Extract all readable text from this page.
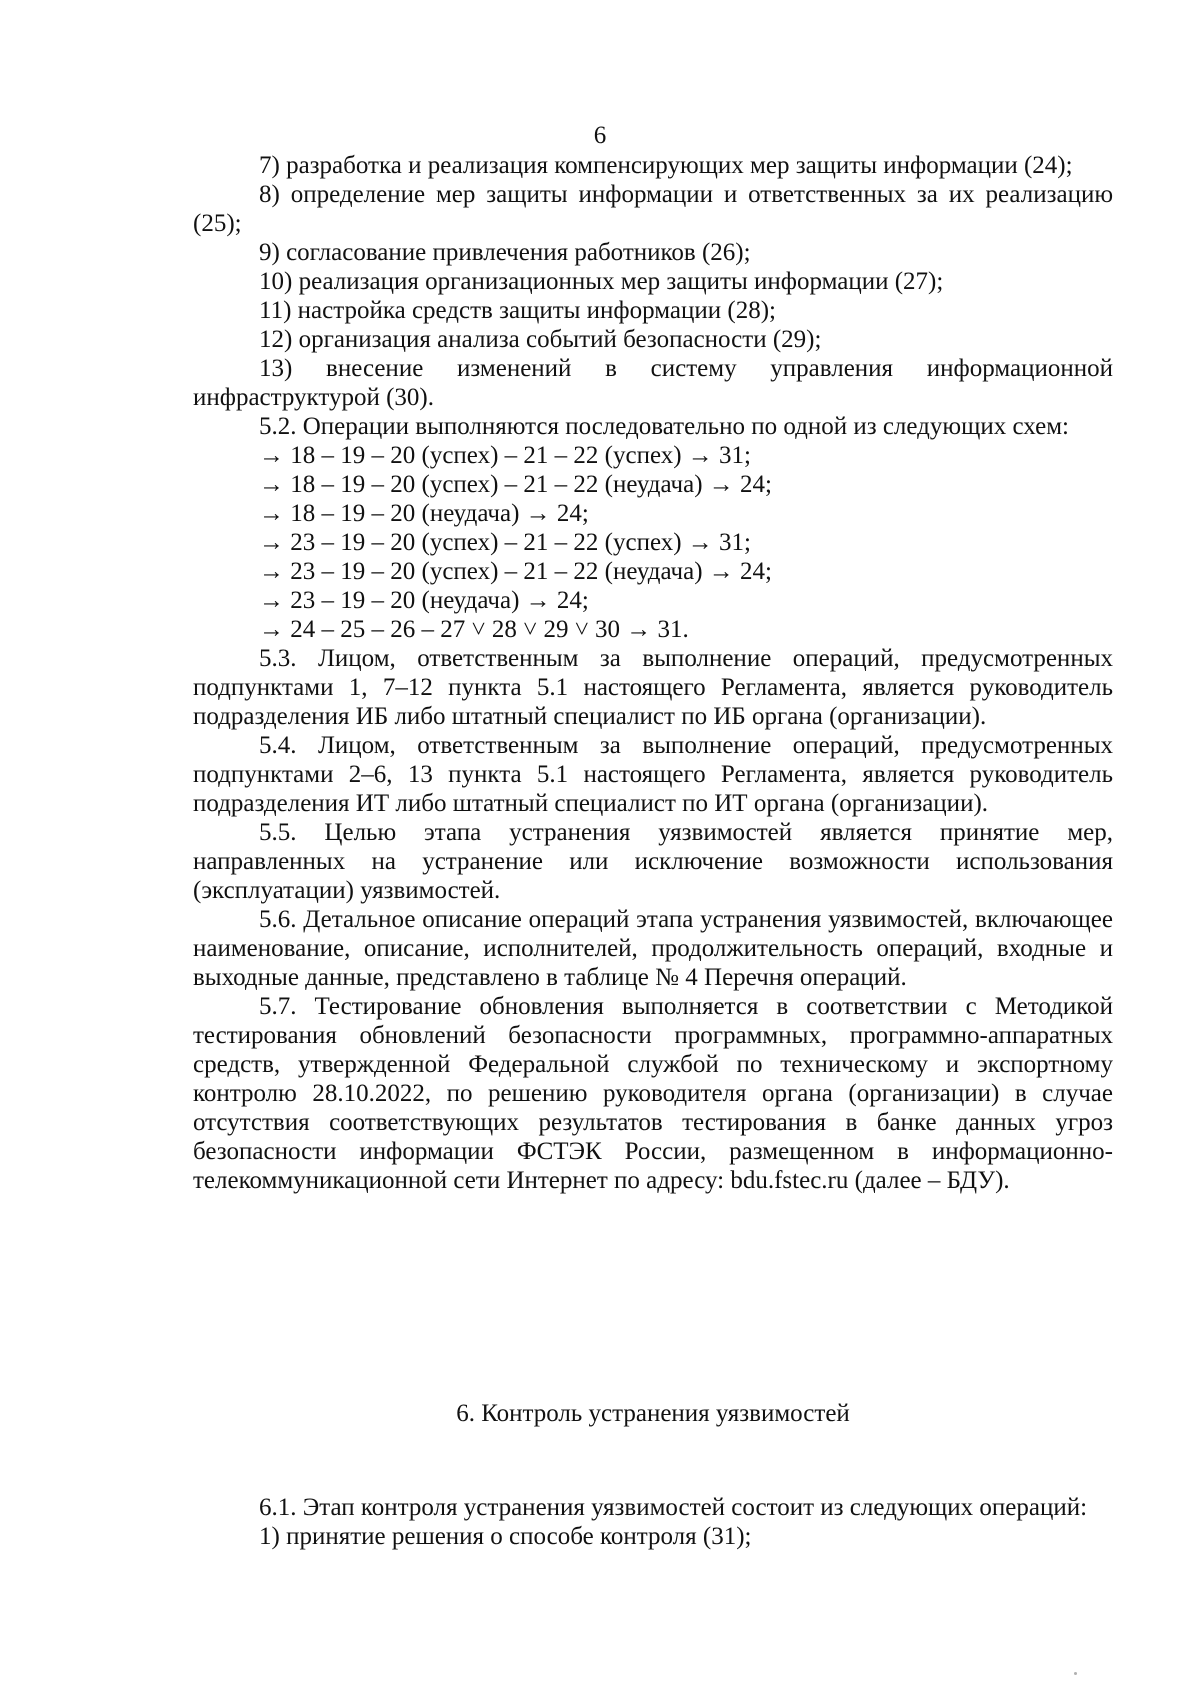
6

7) разработка и реализация компенсирующих мер защиты информации (24);

8) определение мер защиты информации и ответственных за их реализацию (25);

9) согласование привлечения работников (26);

10) реализация организационных мер защиты информации (27);

11) настройка средств защиты информации (28);

12) организация анализа событий безопасности (29);

13) внесение изменений в систему управления информационной инфраструктурой (30).

5.2. Операции выполняются последовательно по одной из следующих схем:

→ 18 – 19 – 20 (успех) – 21 – 22 (успех) → 31;

→ 18 – 19 – 20 (успех) – 21 – 22 (неудача) → 24;

→ 18 – 19 – 20 (неудача) → 24;

→ 23 – 19 – 20 (успех) – 21 – 22 (успех) → 31;

→ 23 – 19 – 20 (успех) – 21 – 22 (неудача) → 24;

→ 23 – 19 – 20 (неудача) → 24;

→ 24 – 25 – 26 – 27 ˅ 28 ˅ 29 ˅ 30 → 31.

5.3. Лицом, ответственным за выполнение операций, предусмотренных подпунктами 1, 7–12 пункта 5.1 настоящего Регламента, является руководитель подразделения ИБ либо штатный специалист по ИБ органа (организации).

5.4. Лицом, ответственным за выполнение операций, предусмотренных подпунктами 2–6, 13 пункта 5.1 настоящего Регламента, является руководитель подразделения ИТ либо штатный специалист по ИТ органа (организации).

5.5. Целью этапа устранения уязвимостей является принятие мер, направленных на устранение или исключение возможности использования (эксплуатации) уязвимостей.

5.6. Детальное описание операций этапа устранения уязвимостей, включающее наименование, описание, исполнителей, продолжительность операций, входные и выходные данные, представлено в таблице № 4 Перечня операций.

5.7. Тестирование обновления выполняется в соответствии с Методикой тестирования обновлений безопасности программных, программно-аппаратных средств, утвержденной Федеральной службой по техническому и экспортному контролю 28.10.2022, по решению руководителя органа (организации) в случае отсутствия соответствующих результатов тестирования в банке данных угроз безопасности информации ФСТЭК России, размещенном в информационно-телекоммуникационной сети Интернет по адресу: bdu.fstec.ru (далее – БДУ).

6. Контроль устранения уязвимостей

6.1. Этап контроля устранения уязвимостей состоит из следующих операций:

1) принятие решения о способе контроля (31);
